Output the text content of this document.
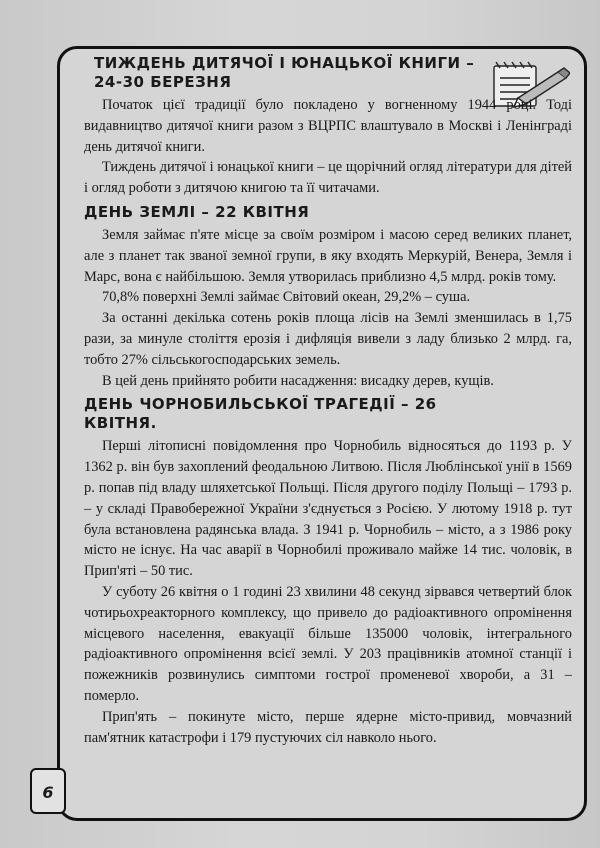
ТИЖДЕНЬ ДИТЯЧОЇ І ЮНАЦЬКОЇ КНИГИ –
24-30 БЕРЕЗНЯ

Початок цієї традиції було покладено у вогненному 1944 році. Тоді видавництво дитячої книги разом з ВЦРПС влаштувало в Москві і Ленінграді день дитячої книги.

Тиждень дитячої і юнацької книги – це щорічний огляд літератури для дітей і огляд роботи з дитячою книгою та її читачами.

ДЕНЬ ЗЕМЛІ – 22 КВІТНЯ

Земля займає п'яте місце за своїм розміром і масою серед великих планет, але з планет так званої земної групи, в яку входять Меркурій, Венера, Земля і Марс, вона є найбільшою. Земля утворилась приблизно 4,5 млрд. років тому.

70,8% поверхні Землі займає Світовий океан, 29,2% – суша.

За останні декілька сотень років площа лісів на Землі зменшилась в 1,75 рази, за минуле століття ерозія і дифляція вивели з ладу близько 2 млрд. га, тобто 27% сільськогосподарських земель.

В цей день прийнято робити насадження: висадку дерев, кущів.

ДЕНЬ ЧОРНОБИЛЬСЬКОЇ ТРАГЕДІЇ – 26
КВІТНЯ.

Перші літописні повідомлення про Чорнобиль відносяться до 1193 р. У 1362 р. він був захоплений феодальною Литвою. Після Люблінської унії в 1569 р. попав під владу шляхетської Польщі. Після другого поділу Польщі – 1793 р. – у складі Правобережної України з'єднується з Росією. У лютому 1918 р. тут була встановлена радянська влада. З 1941 р. Чорнобиль – місто, а з 1986 року місто не існує. На час аварії в Чорнобилі проживало майже 14 тис. чоловік, в Прип'яті – 50 тис.

У суботу 26 квітня о 1 годині 23 хвилини 48 секунд зірвався четвертий блок чотирьохреакторного комплексу, що привело до радіоактивного опромінення місцевого населення, евакуації більше 135000 чоловік, інтегрального радіоактивного опромінення всієї землі. У 203 працівників атомної станції і пожежників розвинулись симптоми гострої променевої хвороби, а 31 – померло.

Прип'ять – покинуте місто, перше ядерне місто-привид, мовчазний пам'ятник катастрофи і 179 пустуючих сіл навколо нього.

6
